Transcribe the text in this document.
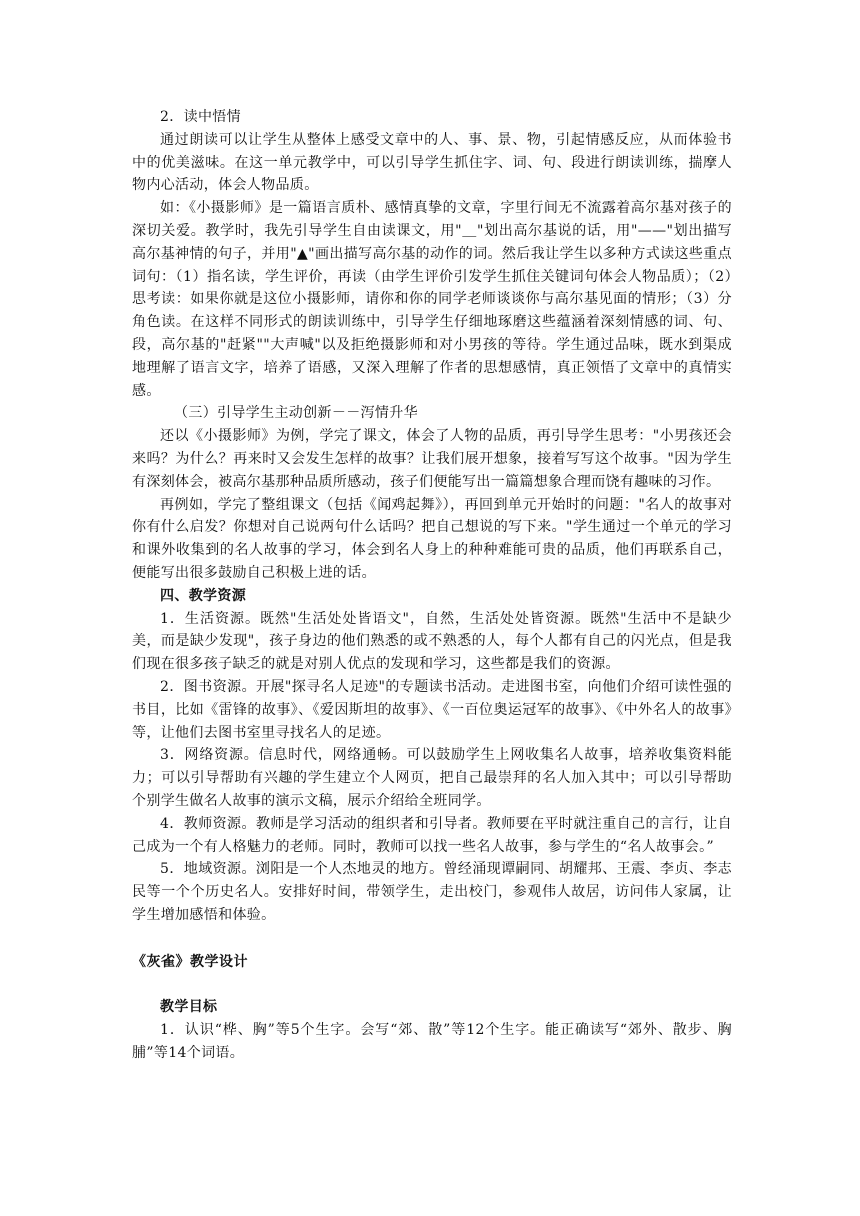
2．读中悟情

通过朗读可以让学生从整体上感受文章中的人、事、景、物，引起情感反应，从而体验书中的优美滋味。在这一单元教学中，可以引导学生抓住字、词、句、段进行朗读训练，揣摩人物内心活动，体会人物品质。

如：《小摄影师》是一篇语言质朴、感情真挚的文章，字里行间无不流露着高尔基对孩子的深切关爱。教学时，我先引导学生自由读课文，用"＿"划出高尔基说的话，用"——"划出描写高尔基神情的句子，并用"▲"画出描写高尔基的动作的词。然后我让学生以多种方式读这些重点词句：（1）指名读，学生评价，再读（由学生评价引发学生抓住关键词句体会人物品质）；（2）思考读：如果你就是这位小摄影师，请你和你的同学老师谈谈你与高尔基见面的情形；（3）分角色读。在这样不同形式的朗读训练中，引导学生仔细地琢磨这些蕴涵着深刻情感的词、句、段，高尔基的"赶紧""大声喊"以及拒绝摄影师和对小男孩的等待。学生通过品味，既水到渠成地理解了语言文字，培养了语感，又深入理解了作者的思想感情，真正领悟了文章中的真情实感。

（三）引导学生主动创新－－泻情升华

还以《小摄影师》为例，学完了课文，体会了人物的品质，再引导学生思考："小男孩还会来吗？为什么？再来时又会发生怎样的故事？让我们展开想象，接着写写这个故事。"因为学生有深刻体会，被高尔基那种品质所感动，孩子们便能写出一篇篇想象合理而饶有趣味的习作。

再例如，学完了整组课文（包括《闻鸡起舞》），再回到单元开始时的问题："名人的故事对你有什么启发？你想对自己说两句什么话吗？把自己想说的写下来。"学生通过一个单元的学习和课外收集到的名人故事的学习，体会到名人身上的种种难能可贵的品质，他们再联系自己，便能写出很多鼓励自己积极上进的话。

四、教学资源

1．生活资源。既然"生活处处皆语文"，自然，生活处处皆资源。既然"生活中不是缺少美，而是缺少发现"，孩子身边的他们熟悉的或不熟悉的人，每个人都有自己的闪光点，但是我们现在很多孩子缺乏的就是对别人优点的发现和学习，这些都是我们的资源。

2．图书资源。开展"探寻名人足迹"的专题读书活动。走进图书室，向他们介绍可读性强的书目，比如《雷锋的故事》、《爱因斯坦的故事》、《一百位奥运冠军的故事》、《中外名人的故事》等，让他们去图书室里寻找名人的足迹。

3．网络资源。信息时代，网络通畅。可以鼓励学生上网收集名人故事，培养收集资料能力；可以引导帮助有兴趣的学生建立个人网页，把自己最崇拜的名人加入其中；可以引导帮助个别学生做名人故事的演示文稿，展示介绍给全班同学。

4．教师资源。教师是学习活动的组织者和引导者。教师要在平时就注重自己的言行，让自己成为一个有人格魅力的老师。同时，教师可以找一些名人故事，参与学生的“名人故事会。”

5．地域资源。浏阳是一个人杰地灵的地方。曾经涌现谭嗣同、胡耀邦、王震、李贞、李志民等一个个历史名人。安排好时间，带领学生，走出校门，参观伟人故居，访问伟人家属，让学生增加感悟和体验。

《灰雀》教学设计

教学目标

1．认识“桦、胸”等5个生字。会写“郊、散”等12个生字。能正确读写“郊外、散步、胸脯”等14个词语。
